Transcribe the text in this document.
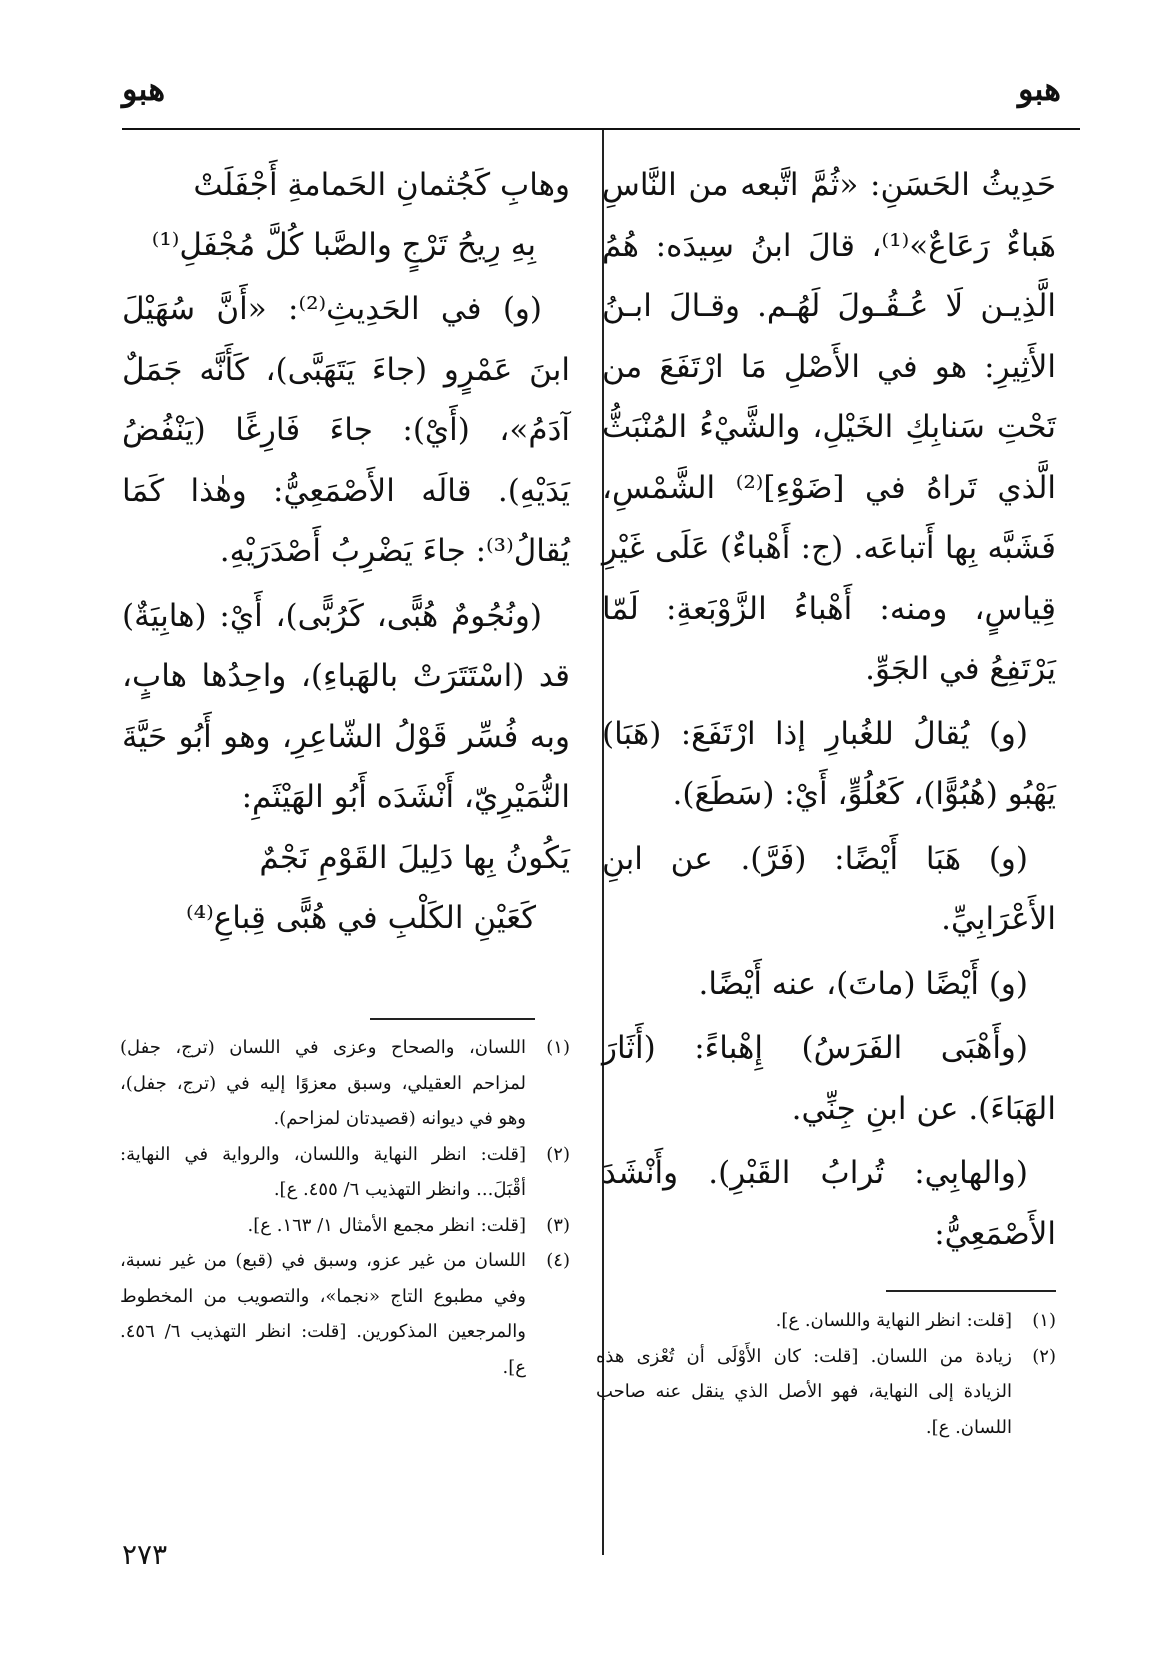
هبو
هبو

حَدِيثُ الحَسَنِ: «ثُمَّ اتَّبعه من النَّاسِ هَباءٌ رَعَاعٌ»⁽¹⁾، قالَ ابنُ سِيدَه: هُمُ الَّذِيـن لَا عُـقُـولَ لَهُـم. وقـالَ ابـنُ الأَثِيرِ: هو في الأَصْلِ مَا ارْتَفَعَ من تَحْتِ سَنابِكِ الخَيْلِ، والشَّيْءُ المُنْبَثُّ الَّذي تَراهُ في [ضَوْءِ]⁽²⁾ الشَّمْسِ، فَشَبَّه بِها أَتباعَه. (ج: أَهْباءٌ) عَلَى غَيْرِ قِياسٍ، ومنه: أَهْباءُ الزَّوْبَعةِ: لَمّا يَرْتَفِعُ في الجَوِّ.

(و) يُقالُ للغُبارِ إذا ارْتَفَعَ: (هَبَا) يَهْبُو (هُبُوًّا)، كَعُلُوٍّ، أَيْ: (سَطَعَ).

(و) هَبَا أَيْضًا: (فَرَّ). عن ابنِ الأَعْرَابِيِّ.

(و) أَيْضًا (ماتَ)، عنه أَيْضًا.

(وأَهْبَى الفَرَسُ) إِهْباءً: (أَثَارَ الهَبَاءَ). عن ابنِ جِنِّي.

(والهابِي: تُرابُ القَبْرِ). وأَنْشَدَ الأَصْمَعِيُّ:

(١)
[قلت: انظر النهاية واللسان. ع].
(٢)
زيادة من اللسان. [قلت: كان الأَوْلَى أن تُعْزى هذه الزيادة إلى النهاية، فهو الأصل الذي ينقل عنه صاحب اللسان. ع].

وهابِ كَجُثمانِ الحَمامةِ أَجْفَلَتْ

بِهِ رِيحُ تَرْجٍ والصَّبا كُلَّ مُجْفَلِ⁽¹⁾

(و) في الحَدِيثِ⁽²⁾: «أَنَّ سُهَيْلَ ابنَ عَمْرٍو (جاءَ يَتَهَبَّى)، كَأَنَّه جَمَلٌ آدَمُ»، (أَيْ): جاءَ فَارِغًا (يَنْفُضُ يَدَيْهِ). قالَه الأَصْمَعِيُّ: وهٰذا كَمَا يُقالُ⁽³⁾: جاءَ يَضْرِبُ أَصْدَرَيْهِ.

(ونُجُومٌ هُبًّى، كَرُبًّى)، أَيْ: (هابِيَةٌ) قد (اسْتَتَرَتْ بالهَباءِ)، واحِدُها هابٍ، وبه فُسِّر قَوْلُ الشّاعِرِ، وهو أَبُو حَيَّةَ النُّمَيْرِيّ، أَنْشَدَه أَبُو الهَيْثَمِ:

يَكُونُ بِها دَلِيلَ القَوْمِ نَجْمٌ

كَعَيْنِ الكَلْبِ في هُبًّى قِباعِ⁽⁴⁾

(١)
اللسان، والصحاح وعزى في اللسان (ترج، جفل) لمزاحم العقيلي، وسبق معزوًا إليه في (ترج، جفل)، وهو في ديوانه (قصيدتان لمزاحم).
(٢)
[قلت: انظر النهاية واللسان، والرواية في النهاية: أقْبَلَ... وانظر التهذيب ٦/ ٤٥٥. ع].
(٣)
[قلت: انظر مجمع الأمثال ١/ ١٦٣. ع].
(٤)
اللسان من غير عزو، وسبق في (قبع) من غير نسبة، وفي مطبوع التاج «نجما»، والتصويب من المخطوط والمرجعين المذكورين. [قلت: انظر التهذيب ٦/ ٤٥٦. ع].
٢٧٣
